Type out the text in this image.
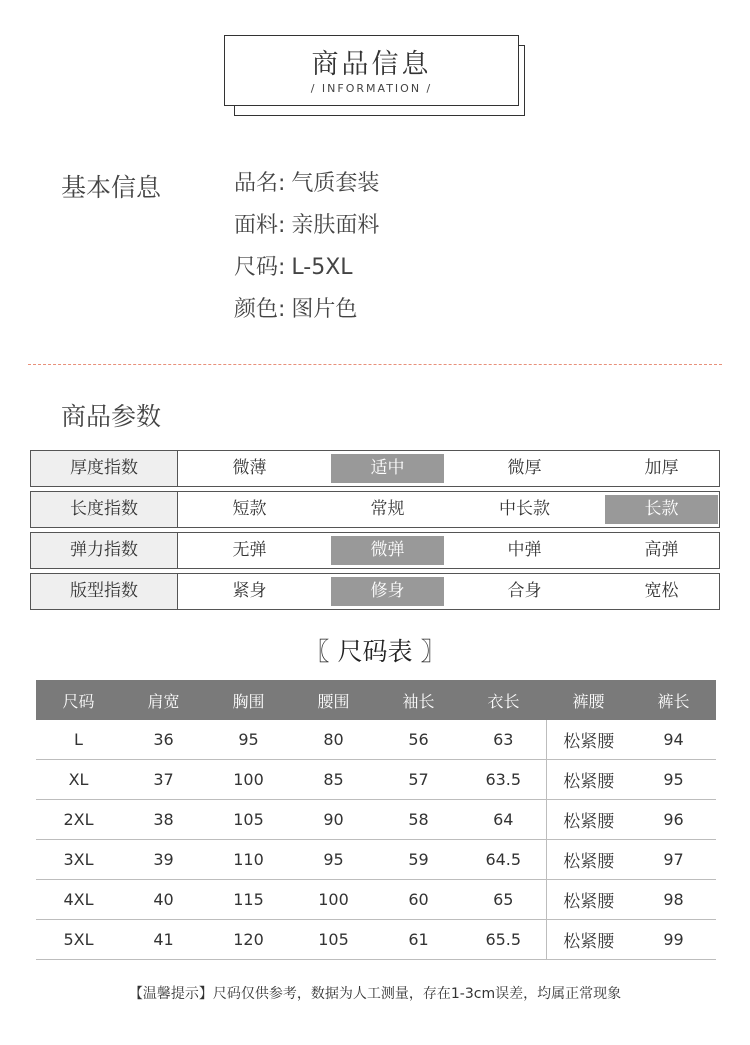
商品信息
/ INFORMATION /
基本信息	品名: 气质套装
面料: 亲肤面料
尺码: L-5XL
颜色: 图片色
商品参数
厚度指数	微薄	适中	微厚	加厚
长度指数	短款	常规	中长款	长款
弹力指数	无弹	微弹	中弹	高弹
版型指数	紧身	修身	合身	宽松
〖 尺码表 〗
尺码	肩宽	胸围	腰围	袖长	衣长	裤腰	裤长
L	36	95	80	56	63	松紧腰	94
XL	37	100	85	57	63.5	松紧腰	95
2XL	38	105	90	58	64	松紧腰	96
3XL	39	110	95	59	64.5	松紧腰	97
4XL	40	115	100	60	65	松紧腰	98
5XL	41	120	105	61	65.5	松紧腰	99
【温馨提示】尺码仅供参考，数据为人工测量，存在1-3cm误差，均属正常现象
